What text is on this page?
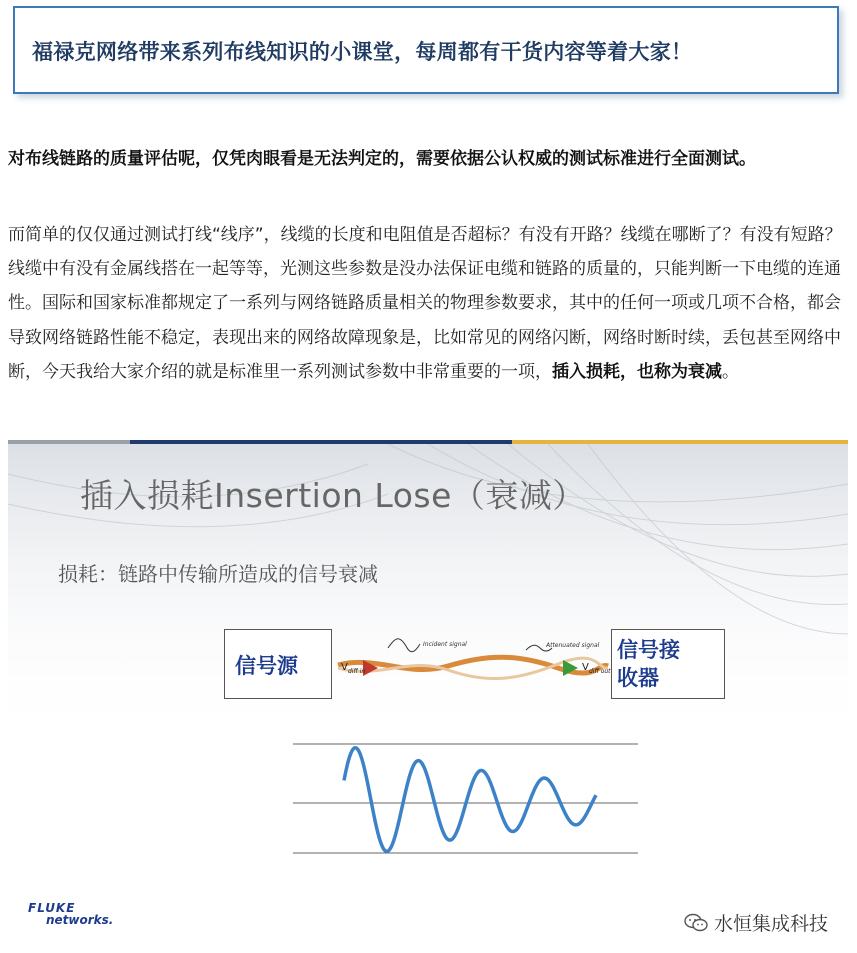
福禄克网络带来系列布线知识的小课堂，每周都有干货内容等着大家！
对布线链路的质量评估呢，仅凭肉眼看是无法判定的，需要依据公认权威的测试标准进行全面测试。
而简单的仅仅通过测试打线“线序”，线缆的长度和电阻值是否超标？有没有开路？线缆在哪断了？有没有短路？线缆中有没有金属线搭在一起等等，光测这些参数是没办法保证电缆和链路的质量的，只能判断一下电缆的连通性。国际和国家标准都规定了一系列与网络链路质量相关的物理参数要求，其中的任何一项或几项不合格，都会导致网络链路性能不稳定，表现出来的网络故障现象是，比如常见的网络闪断，网络时断时续，丢包甚至网络中断，今天我给大家介绍的就是标准里一系列测试参数中非常重要的一项，插入损耗，也称为衰减。
插入损耗Insertion Lose（衰减）
损耗：链路中传输所造成的信号衰减
V diff in	V diff out
Incident signal	Attenuated signal
信号源
信号接
收器
FLUKE
networks.	水恒集成科技
